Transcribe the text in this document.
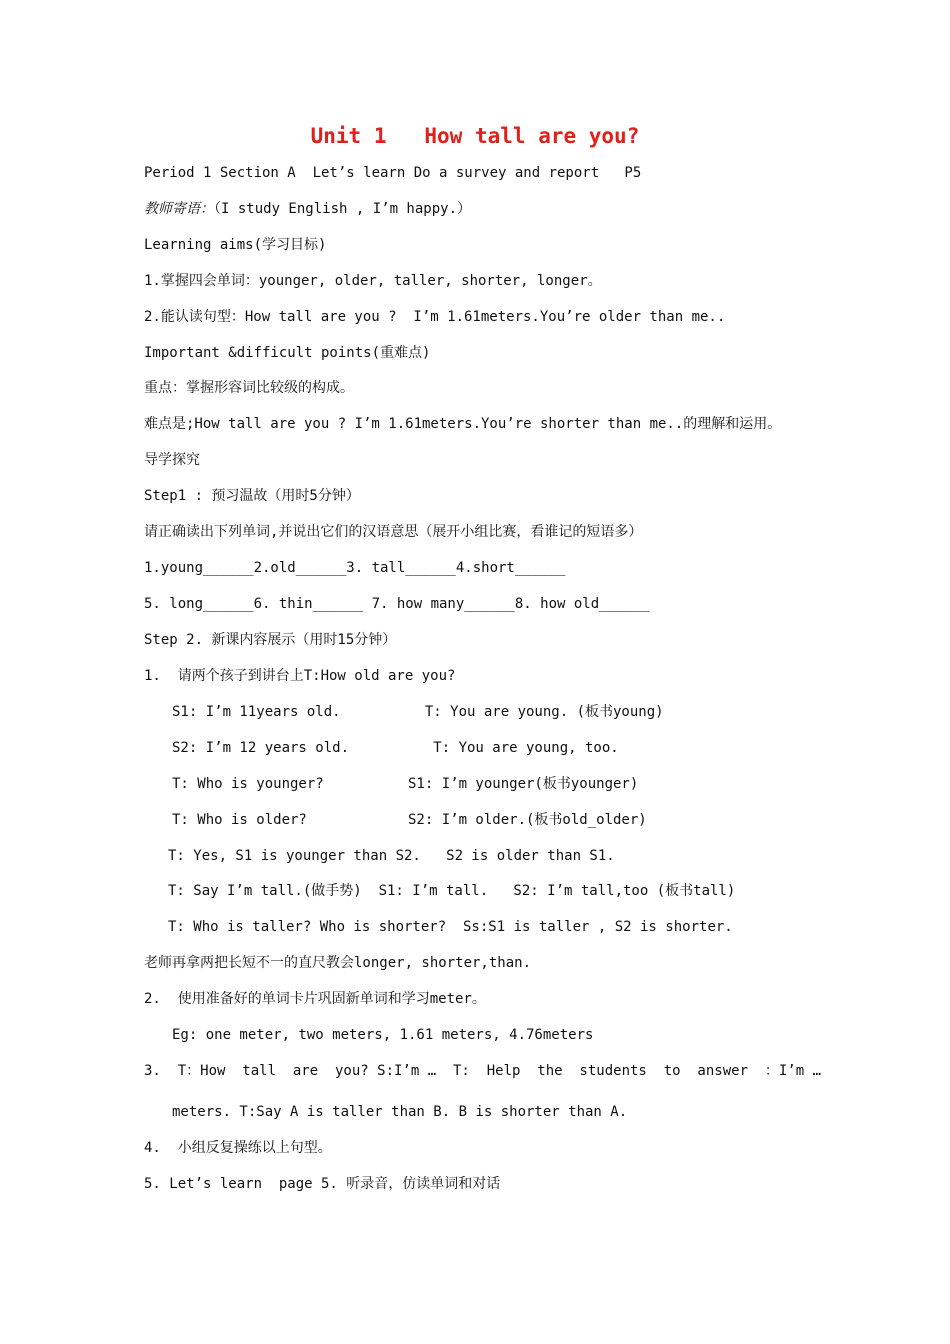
Unit 1   How tall are you?
Period 1 Section A  Let’s learn Do a survey and report   P5
教师寄语：（I study English , I’m happy.）
Learning aims(学习目标)
1.掌握四会单词：younger, older, taller, shorter, longer。
2.能认读句型：How tall are you ?  I’m 1.61meters.You’re older than me..
Important &difficult points(重难点)
重点：掌握形容词比较级的构成。
难点是;How tall are you ? I’m 1.61meters.You’re shorter than me..的理解和运用。
导学探究
Step1 : 预习温故（用时5分钟）
请正确读出下列单词,并说出它们的汉语意思（展开小组比赛，看谁记的短语多）
1.young______2.old______3. tall______4.short______
5. long______6. thin______ 7. how many______8. how old______
Step 2. 新课内容展示（用时15分钟）
1.  请两个孩子到讲台上T:How old are you?
S1: I’m 11years old.          T: You are young. (板书young)
S2: I’m 12 years old.          T: You are young, too.
T: Who is younger?          S1: I’m younger(板书younger)
T: Who is older?            S2: I’m older.(板书old_older)
T: Yes, S1 is younger than S2.   S2 is older than S1.
T: Say I’m tall.(做手势)  S1: I’m tall.   S2: I’m tall,too (板书tall)
T: Who is taller? Who is shorter?  Ss:S1 is taller , S2 is shorter.
老师再拿两把长短不一的直尺教会longer, shorter,than.
2.  使用准备好的单词卡片巩固新单词和学习meter。
Eg: one meter, two meters, 1.61 meters, 4.76meters
3.  T：How  tall  are  you? S:I’m …  T:  Help  the  students  to  answer  ：I’m …
meters. T:Say A is taller than B. B is shorter than A.
4.  小组反复操练以上句型。
5. Let’s learn  page 5. 听录音，仿读单词和对话
